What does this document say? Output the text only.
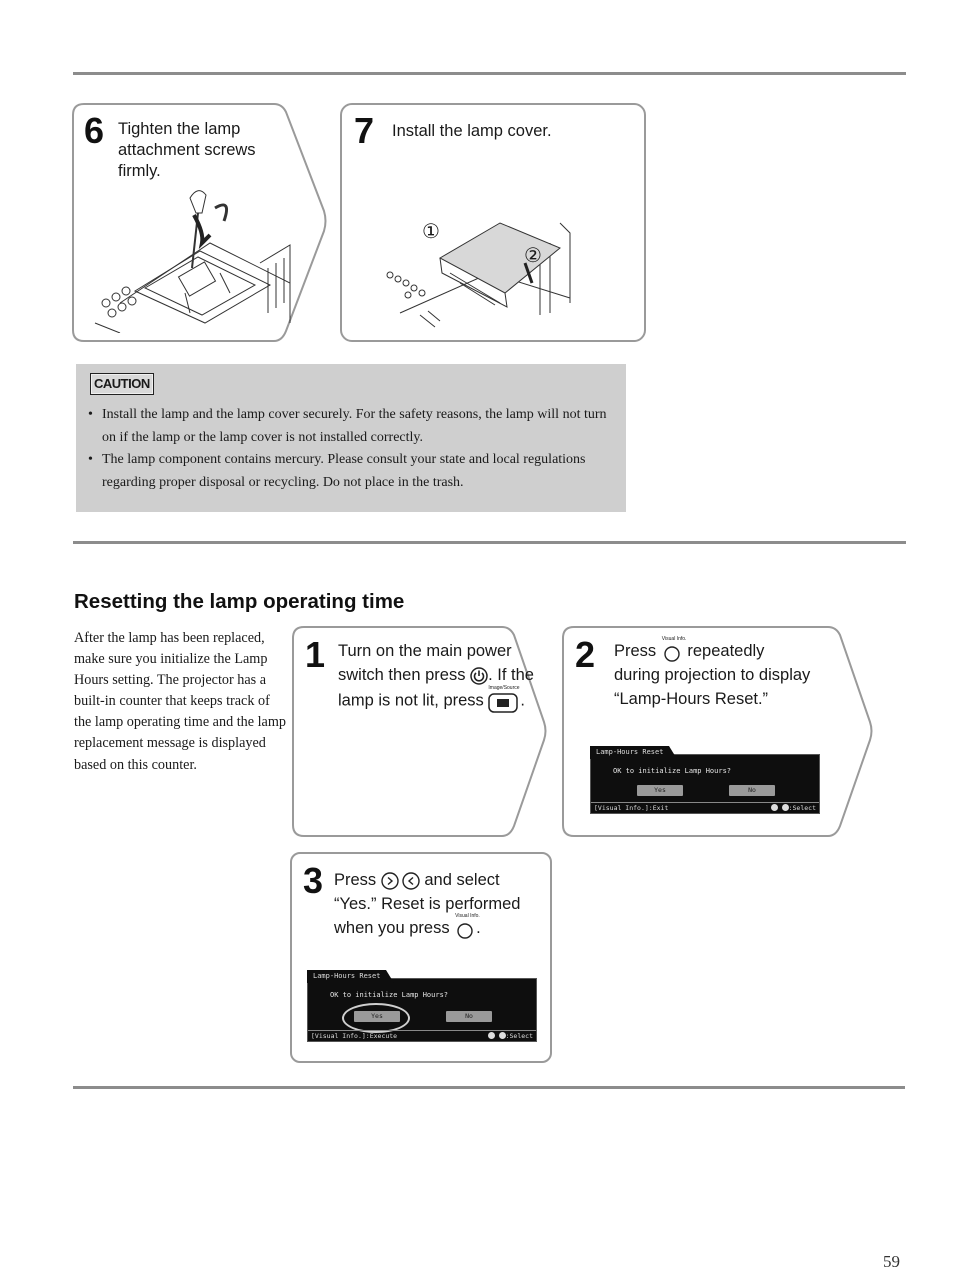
6 Tighten the lamp attachment screws firmly.
7 Install the lamp cover.
①
②
CAUTION
• Install the lamp and the lamp cover securely. For the safety reasons, the lamp will not turn on if the lamp or the lamp cover is not installed correctly.
• The lamp component contains mercury. Please consult your state and local regulations regarding proper disposal or recycling. Do not place in the trash.
Resetting the lamp operating time
After the lamp has been replaced, make sure you initialize the Lamp Hours setting. The projector has a built-in counter that keeps track of the lamp operating time and the lamp replacement message is displayed based on this counter.
1 Turn on the main power switch then press . If the lamp is not lit, press
Image/Source
.
2 Press
Visual Info.
repeatedly during projection to display “Lamp-Hours Reset.”
Lamp-Hours Reset
OK to initialize Lamp Hours?
Yes	No
[Visual Info.]:Exit	:Select
3 Press	and select “Yes.” Reset is performed when you press
Visual Info.
.
Lamp-Hours Reset
OK to initialize Lamp Hours?
Yes	No
[Visual Info.]:Execute	:Select
59
